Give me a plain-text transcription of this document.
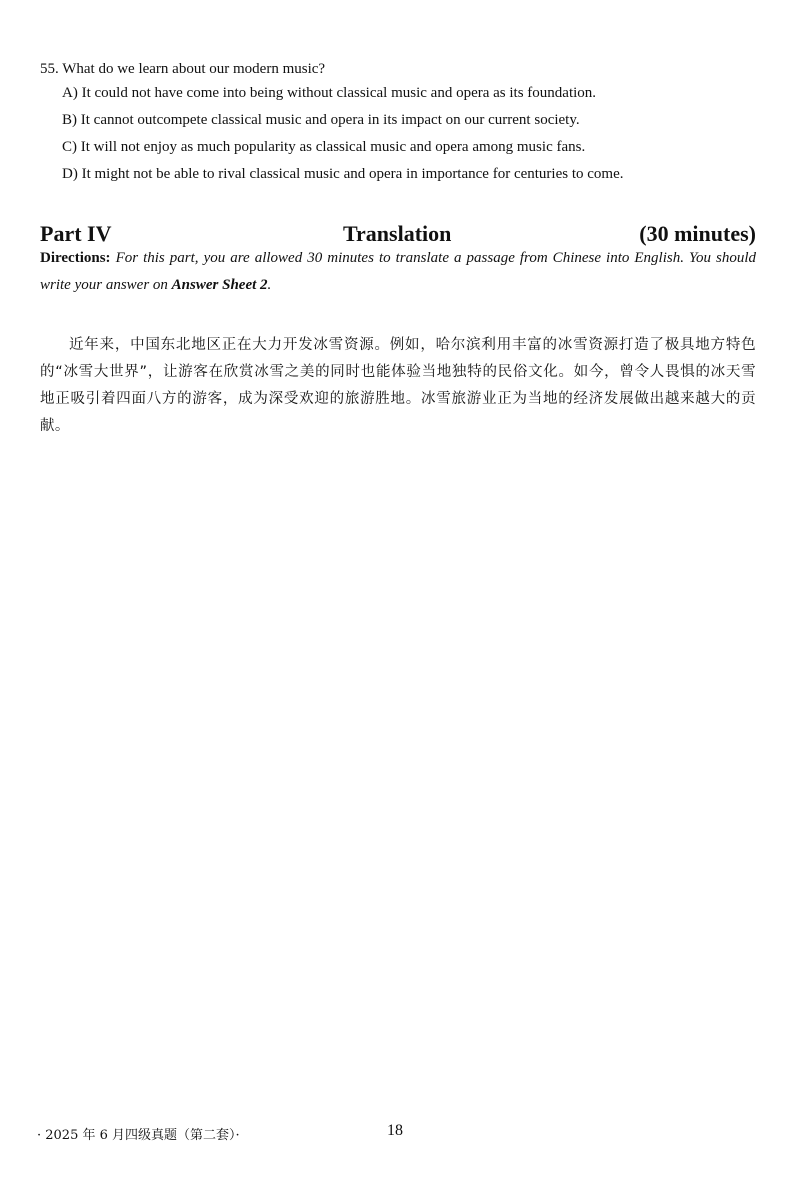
55. What do we learn about our modern music?
A) It could not have come into being without classical music and opera as its foundation.
B) It cannot outcompete classical music and opera in its impact on our current society.
C) It will not enjoy as much popularity as classical music and opera among music fans.
D) It might not be able to rival classical music and opera in importance for centuries to come.
Part IV	Translation	(30 minutes)
Directions: For this part, you are allowed 30 minutes to translate a passage from Chinese into English. You should write your answer on Answer Sheet 2.

近年来，中国东北地区正在大力开发冰雪资源。例如，哈尔滨利用丰富的冰雪资源打造了极具地方特色的“冰雪大世界”，让游客在欣赏冰雪之美的同时也能体验当地独特的民俗文化。如今，曾令人畏惧的冰天雪地正吸引着四面八方的游客，成为深受欢迎的旅游胜地。冰雪旅游业正为当地的经济发展做出越来越大的贡献。

· 2025 年 6 月四级真题（第二套）·	18
